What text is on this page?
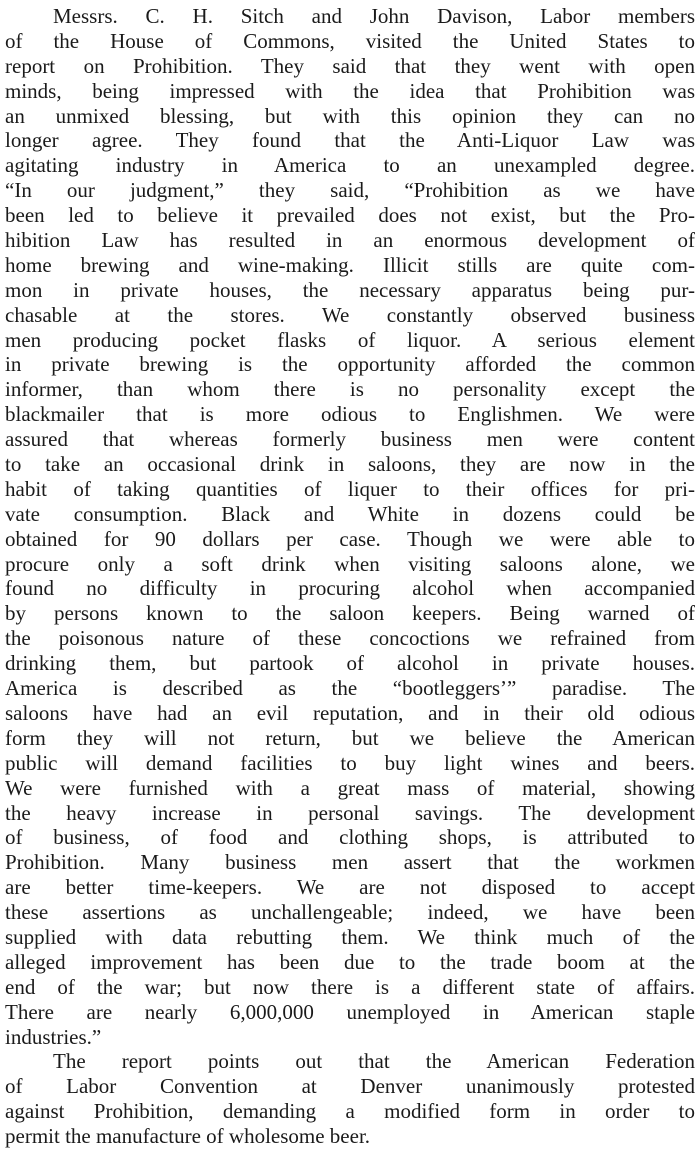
Messrs. C. H. Sitch and John Davison, Labor members
of the House of Commons, visited the United States to
report on Prohibition. They said that they went with open
minds, being impressed with the idea that Prohibition was
an unmixed blessing, but with this opinion they can no
longer agree. They found that the Anti-Liquor Law was
agitating industry in America to an unexampled degree.
“In our judgment,” they said, “Prohibition as we have
been led to believe it prevailed does not exist, but the Pro-
hibition Law has resulted in an enormous development of
home brewing and wine-making. Illicit stills are quite com-
mon in private houses, the necessary apparatus being pur-
chasable at the stores. We constantly observed business
men producing pocket flasks of liquor. A serious element
in private brewing is the opportunity afforded the common
informer, than whom there is no personality except the
blackmailer that is more odious to Englishmen. We were
assured that whereas formerly business men were content
to take an occasional drink in saloons, they are now in the
habit of taking quantities of liquer to their offices for pri-
vate consumption. Black and White in dozens could be
obtained for 90 dollars per case. Though we were able to
procure only a soft drink when visiting saloons alone, we
found no difficulty in procuring alcohol when accompanied
by persons known to the saloon keepers. Being warned of
the poisonous nature of these concoctions we refrained from
drinking them, but partook of alcohol in private houses.
America is described as the “bootleggers’” paradise. The
saloons have had an evil reputation, and in their old odious
form they will not return, but we believe the American
public will demand facilities to buy light wines and beers.
We were furnished with a great mass of material, showing
the heavy increase in personal savings. The development
of business, of food and clothing shops, is attributed to
Prohibition. Many business men assert that the workmen
are better time-keepers. We are not disposed to accept
these assertions as unchallengeable; indeed, we have been
supplied with data rebutting them. We think much of the
alleged improvement has been due to the trade boom at the
end of the war; but now there is a different state of affairs.
There are nearly 6,000,000 unemployed in American staple
industries.”
The report points out that the American Federation
of Labor Convention at Denver unanimously protested
against Prohibition, demanding a modified form in order to
permit the manufacture of wholesome beer.
